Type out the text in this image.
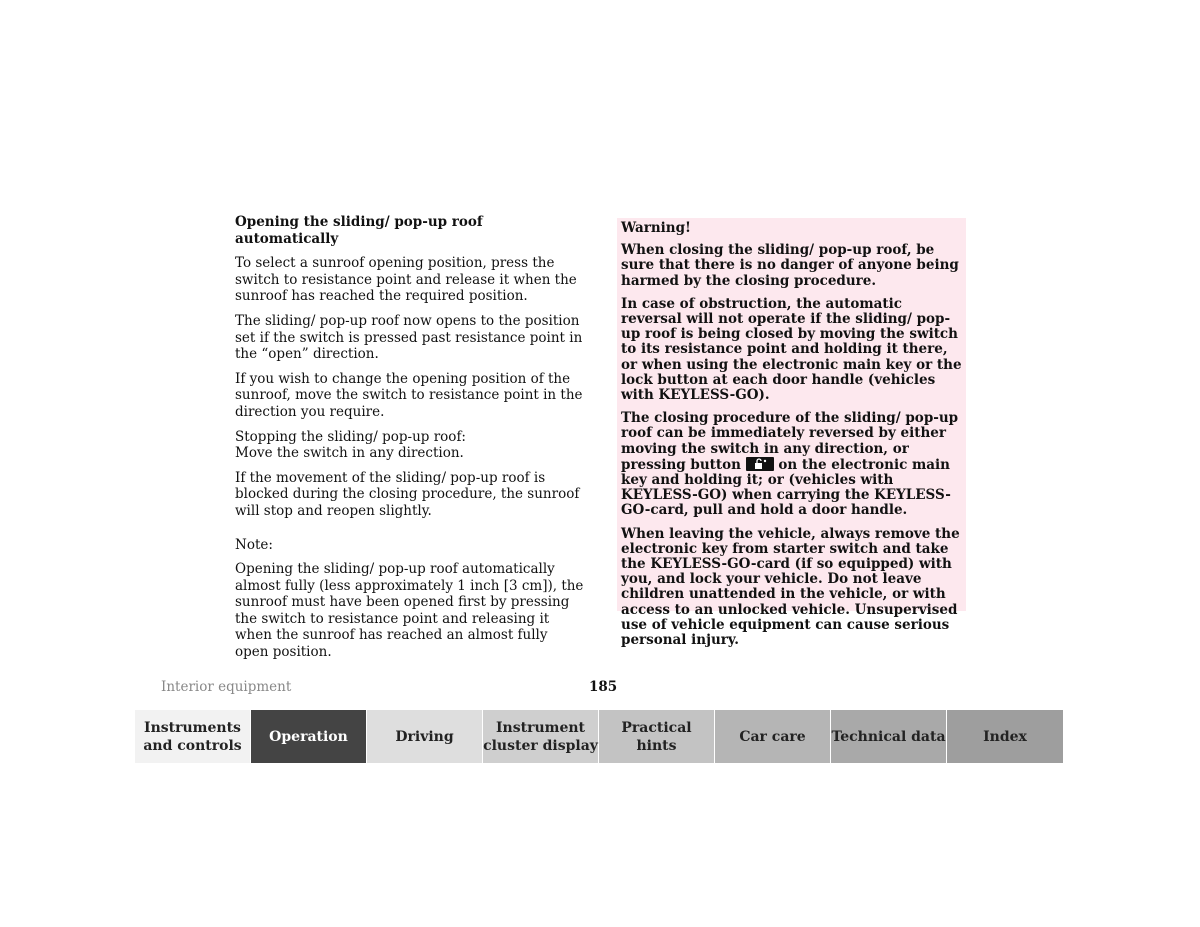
Opening the sliding/ pop-up roof automatically

To select a sunroof opening position, press the switch to resistance point and release it when the sunroof has reached the required position.

The sliding/ pop-up roof now opens to the position set if the switch is pressed past resistance point in the “open” direction.

If you wish to change the opening position of the sunroof, move the switch to resistance point in the direction you require.

Stopping the sliding/ pop-up roof:
Move the switch in any direction.

If the movement of the sliding/ pop-up roof is blocked during the closing procedure, the sunroof will stop and reopen slightly.

Note:

Opening the sliding/ pop-up roof automatically almost fully (less approximately 1 inch [3 cm]), the sunroof must have been opened first by pressing the switch to resistance point and releasing it when the sunroof has reached an almost fully open position.

Warning!

When closing the sliding/ pop-up roof, be sure that there is no danger of anyone being harmed by the closing procedure.

In case of obstruction, the automatic reversal will not operate if the sliding/ pop-up roof is being closed by moving the switch to its resistance point and holding it there, or when using the electronic main key or the lock button at each door handle (vehicles with KEYLESS-GO).

The closing procedure of the sliding/ pop-up roof can be immediately reversed by either moving the switch in any direction, or pressing button	on the electronic main key and holding it; or (vehicles with KEYLESS-GO) when carrying the KEYLESS-GO-card, pull and hold a door handle.

When leaving the vehicle, always remove the electronic key from starter switch and take the KEYLESS-GO-card (if so equipped) with you, and lock your vehicle. Do not leave children unattended in the vehicle, or with access to an unlocked vehicle. Unsupervised use of vehicle equipment can cause serious personal injury.

Interior equipment	185
Instruments and controls
Operation	Driving
Instrument cluster display
Practical hints
Car care	Technical data	Index
